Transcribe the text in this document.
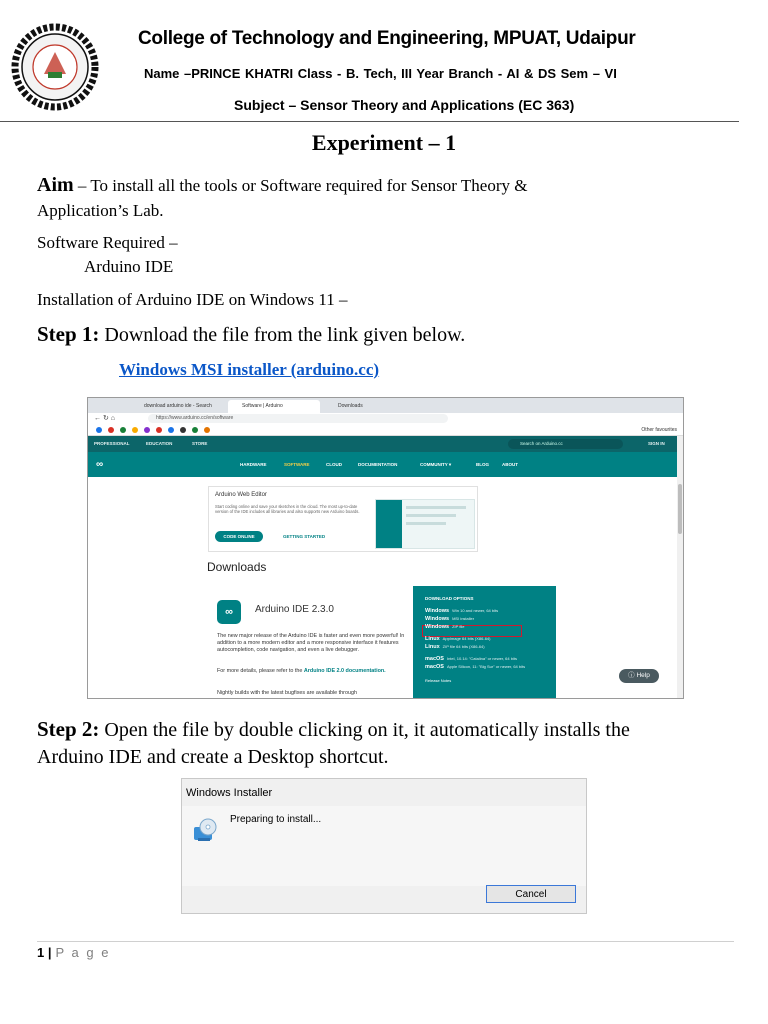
College of Technology and Engineering, MPUAT, Udaipur
Name –PRINCE KHATRI Class - B. Tech, III Year Branch - AI & DS Sem – VI
Subject – Sensor Theory and Applications (EC 363)
Experiment – 1
Aim – To install all the tools or Software required for Sensor Theory &
Application’s Lab.
Software Required –
Arduino IDE
Installation of Arduino IDE on Windows 11 –
Step 1: Download the file from the link given below.
Windows MSI installer (arduino.cc)
download arduino ide - Search	Software | Arduino	Downloads
← ↻ ⌂	https://www.arduino.cc/en/software
Other favourites
PROFESSIONAL	EDUCATION	STORE	Search on Arduino.cc	SIGN IN
∞	HARDWARE	SOFTWARE	CLOUD	DOCUMENTATION	COMMUNITY ▾	BLOG	ABOUT
Arduino Web Editor
Start coding online and save your sketches in the cloud. The most up-to-date version of the IDE includes all libraries and also supports new Arduino boards.
CODE ONLINE	GETTING STARTED
Downloads
∞	Arduino IDE 2.3.0
The new major release of the Arduino IDE is faster and even more powerful! In addition to a more modern editor and a more responsive interface it features autocompletion, code navigation, and even a live debugger.
For more details, please refer to the Arduino IDE 2.0 documentation.
Nightly builds with the latest bugfixes are available through
DOWNLOAD OPTIONS
Windows Win 10 and newer, 64 bits
Windows MSI installer
Windows ZIP file
Linux AppImage 64 bits (X86-64)
Linux ZIP file 64 bits (X86-64)
macOS Intel, 10.14: "Catalina" or newer, 64 bits
macOS Apple Silicon, 11: "Big Sur" or newer, 64 bits
Release Notes
ⓘ Help
Step 2: Open the file by double clicking on it, it automatically installs the
Arduino IDE and create a Desktop shortcut.
Windows Installer
Preparing to install...
Cancel
1 | P a g e
